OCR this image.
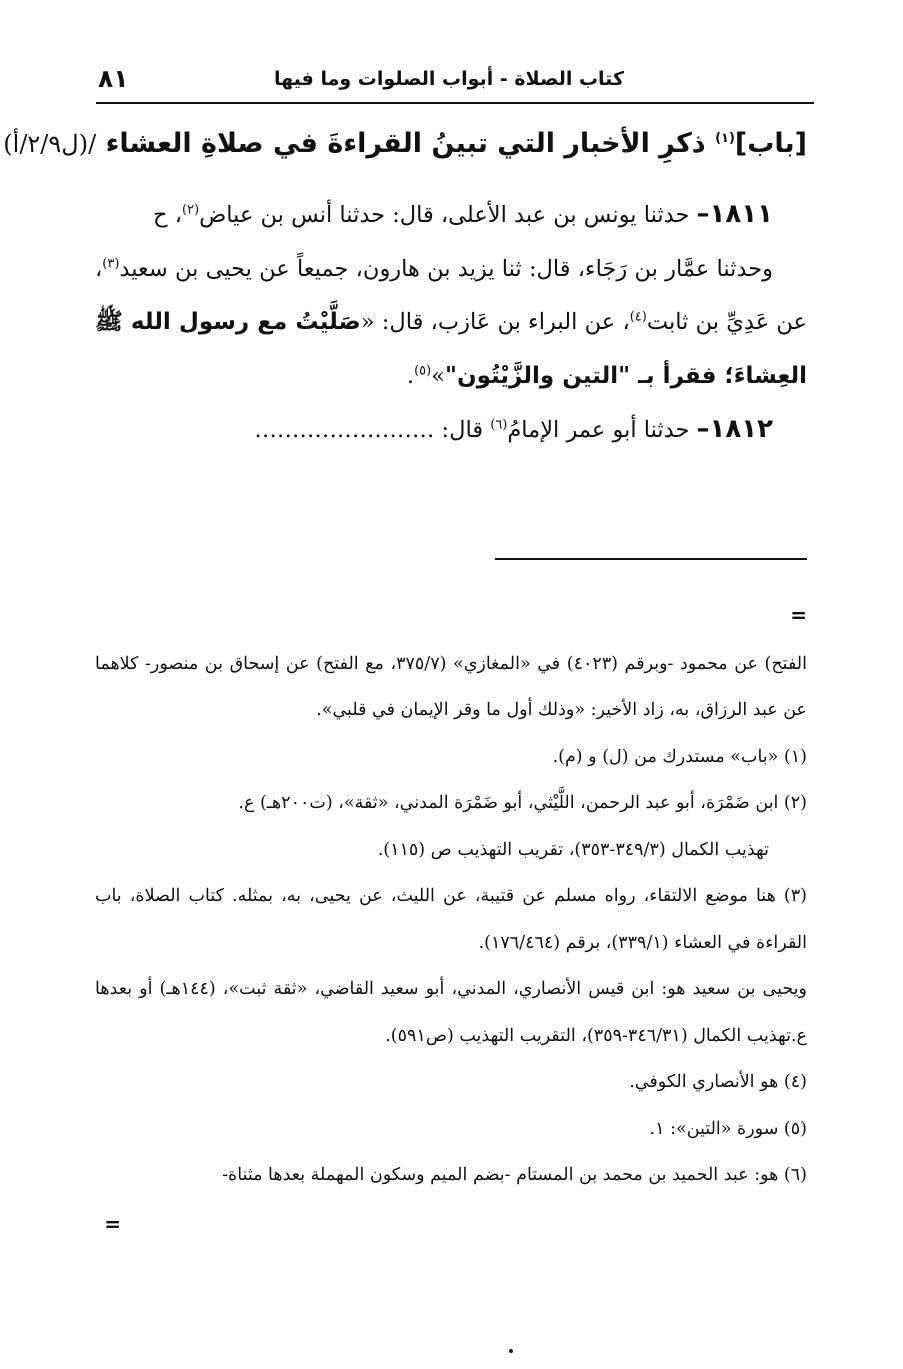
كتاب الصلاة - أبواب الصلوات وما فيها
٨١
[باب]$^{(١)}$ ذكرِ الأخبار التي تبينُ القراءةَ في صلاةِ العشاء /(ل٢/٩/أ)

١٨١١– حدثنا يونس بن عبد الأعلى، قال: حدثنا أنس بن عياض$^{(٢)}$، ح

وحدثنا عمَّار بن رَجَاء، قال: ثنا يزيد بن هارون، جميعاً عن يحيى بن سعيد$^{(٣)}$، عن عَدِيِّ بن ثابت$^{(٤)}$، عن البراء بن عَازب، قال: «صَلَّيْتُ مع رسول الله ﷺ العِشاءَ؛ فقرأ بـ "التين والزَّيْتُون"»$^{(٥)}$.

١٨١٢– حدثنا أبو عمر الإمامُ$^{(٦)}$ قال: ……………………

=

الفتح) عن محمود -وبرقم (٤٠٢٣) في «المغازي» (٣٧٥/٧، مع الفتح) عن إسحاق بن منصور- كلاهما عن عبد الرزاق، به، زاد الأخير: «وذلك أول ما وقر الإيمان في قلبي».

(١) «باب» مستدرك من (ل) و (م).

(٢) ابن ضَمْرَة، أبو عبد الرحمن، اللَّيْثي، أبو ضَمْرَة المدني، «ثقة»، (ت٢٠٠هـ) ع.

تهذيب الكمال (٣٤٩/٣-٣٥٣)، تقريب التهذيب ص (١١٥).

(٣) هنا موضع الالتقاء، رواه مسلم عن قتيبة، عن الليث، عن يحيى، به، بمثله. كتاب الصلاة، باب القراءة في العشاء (٣٣٩/١)، برقم (١٧٦/٤٦٤).

ويحيى بن سعيد هو: ابن قيس الأنصاري، المدني، أبو سعيد القاضي، «ثقة ثبت»، (١٤٤هـ) أو بعدها ع.تهذيب الكمال (٣٤٦/٣١-٣٥٩)، التقريب التهذيب (ص٥٩١).

(٤) هو الأنصاري الكوفي.

(٥) سورة «التين»: ١.

(٦) هو: عبد الحميد بن محمد بن المستام -بضم الميم وسكون المهملة بعدها مثناة-

=
